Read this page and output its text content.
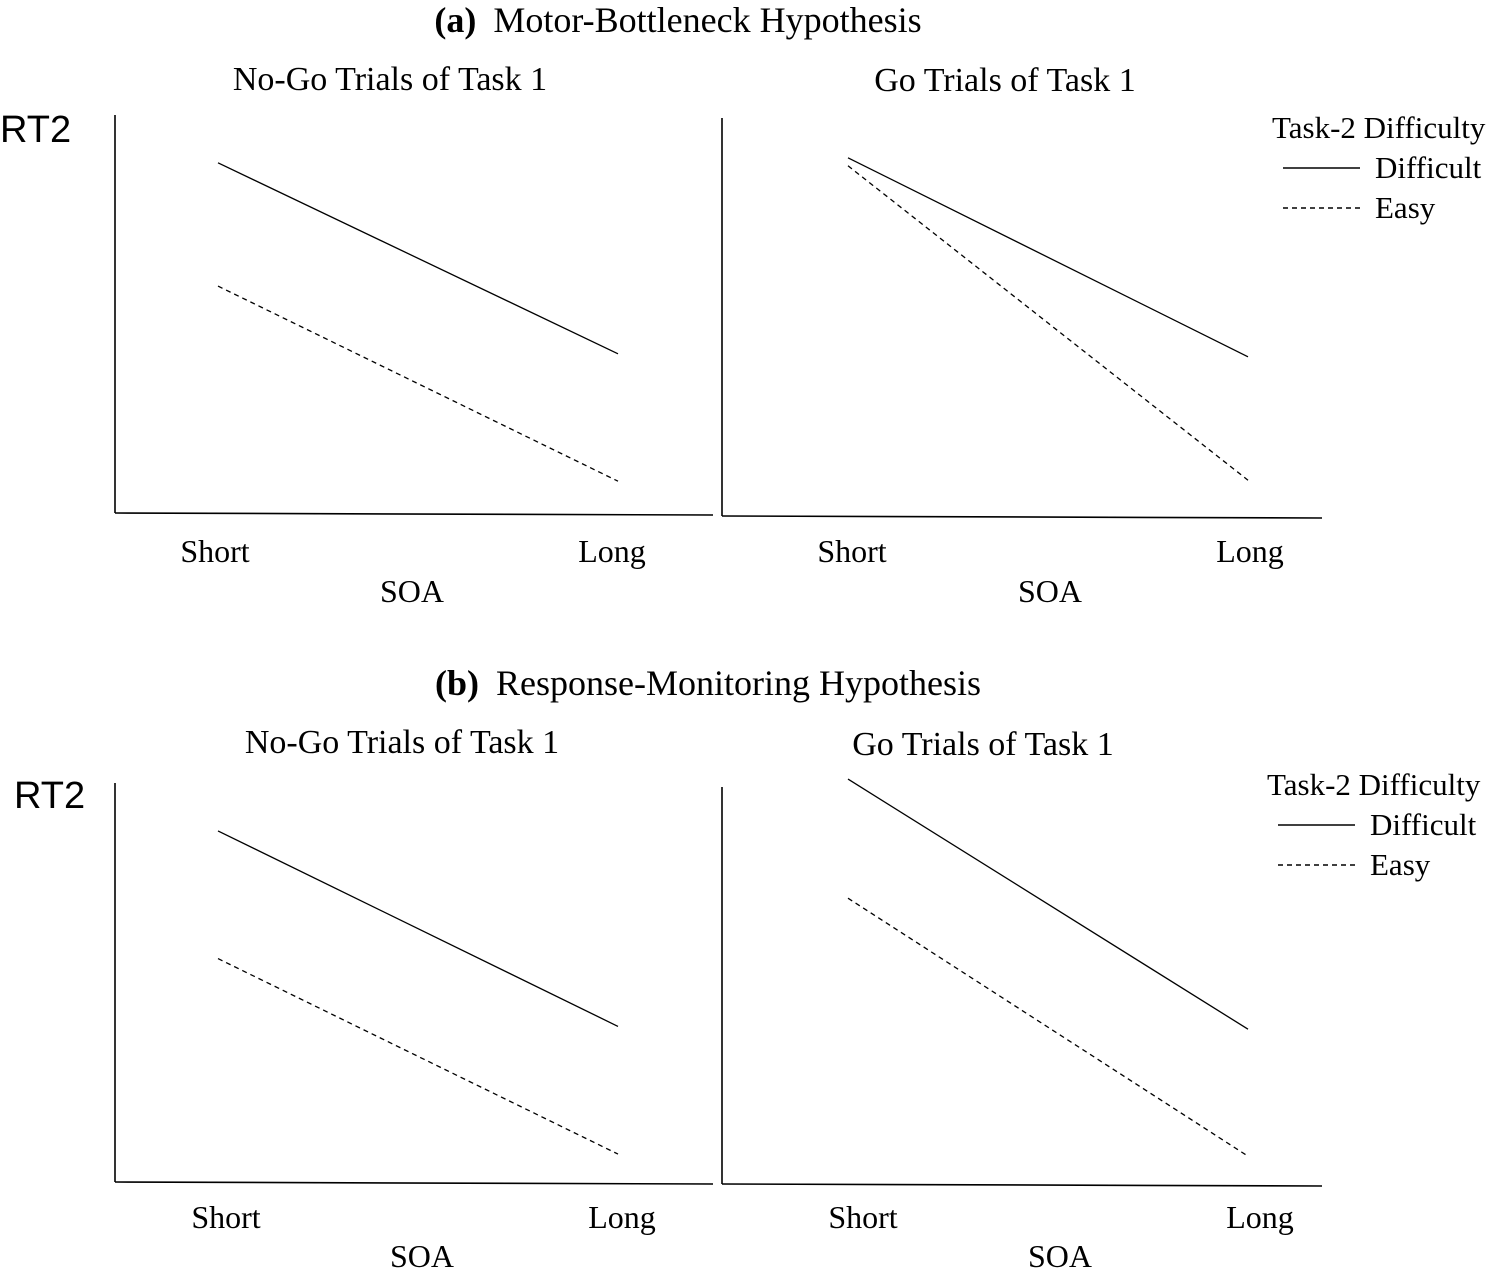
(a) Motor-Bottleneck Hypothesis
(b) Response-Monitoring Hypothesis
RT2
RT2
No-Go Trials of Task 1
Short	Long
SOA
Go Trials of Task 1
Short	Long
SOA
Task-2 Difficulty
Difficult
Easy
No-Go Trials of Task 1
Short	Long
SOA
Go Trials of Task 1
Short	Long
SOA
Task-2 Difficulty
Difficult
Easy
